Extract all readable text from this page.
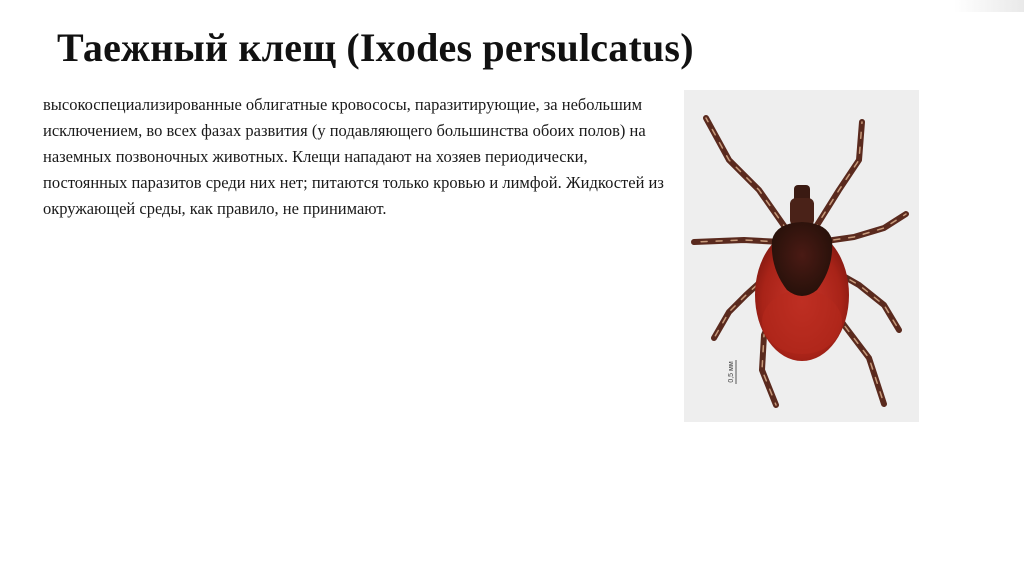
Таежный клещ (Ixodes persulcatus)
высокоспециализированные облигатные кровососы, паразитирующие, за небольшим исключением, во всех фазах развития (у подавляющего большинства обоих полов) на наземных позвоночных животных. Клещи нападают на хозяев периодически, постоянных паразитов среди них нет; питаются только кровью и лимфой. Жидкостей из окружающей среды, как правило, не принимают.
0,5 мм
